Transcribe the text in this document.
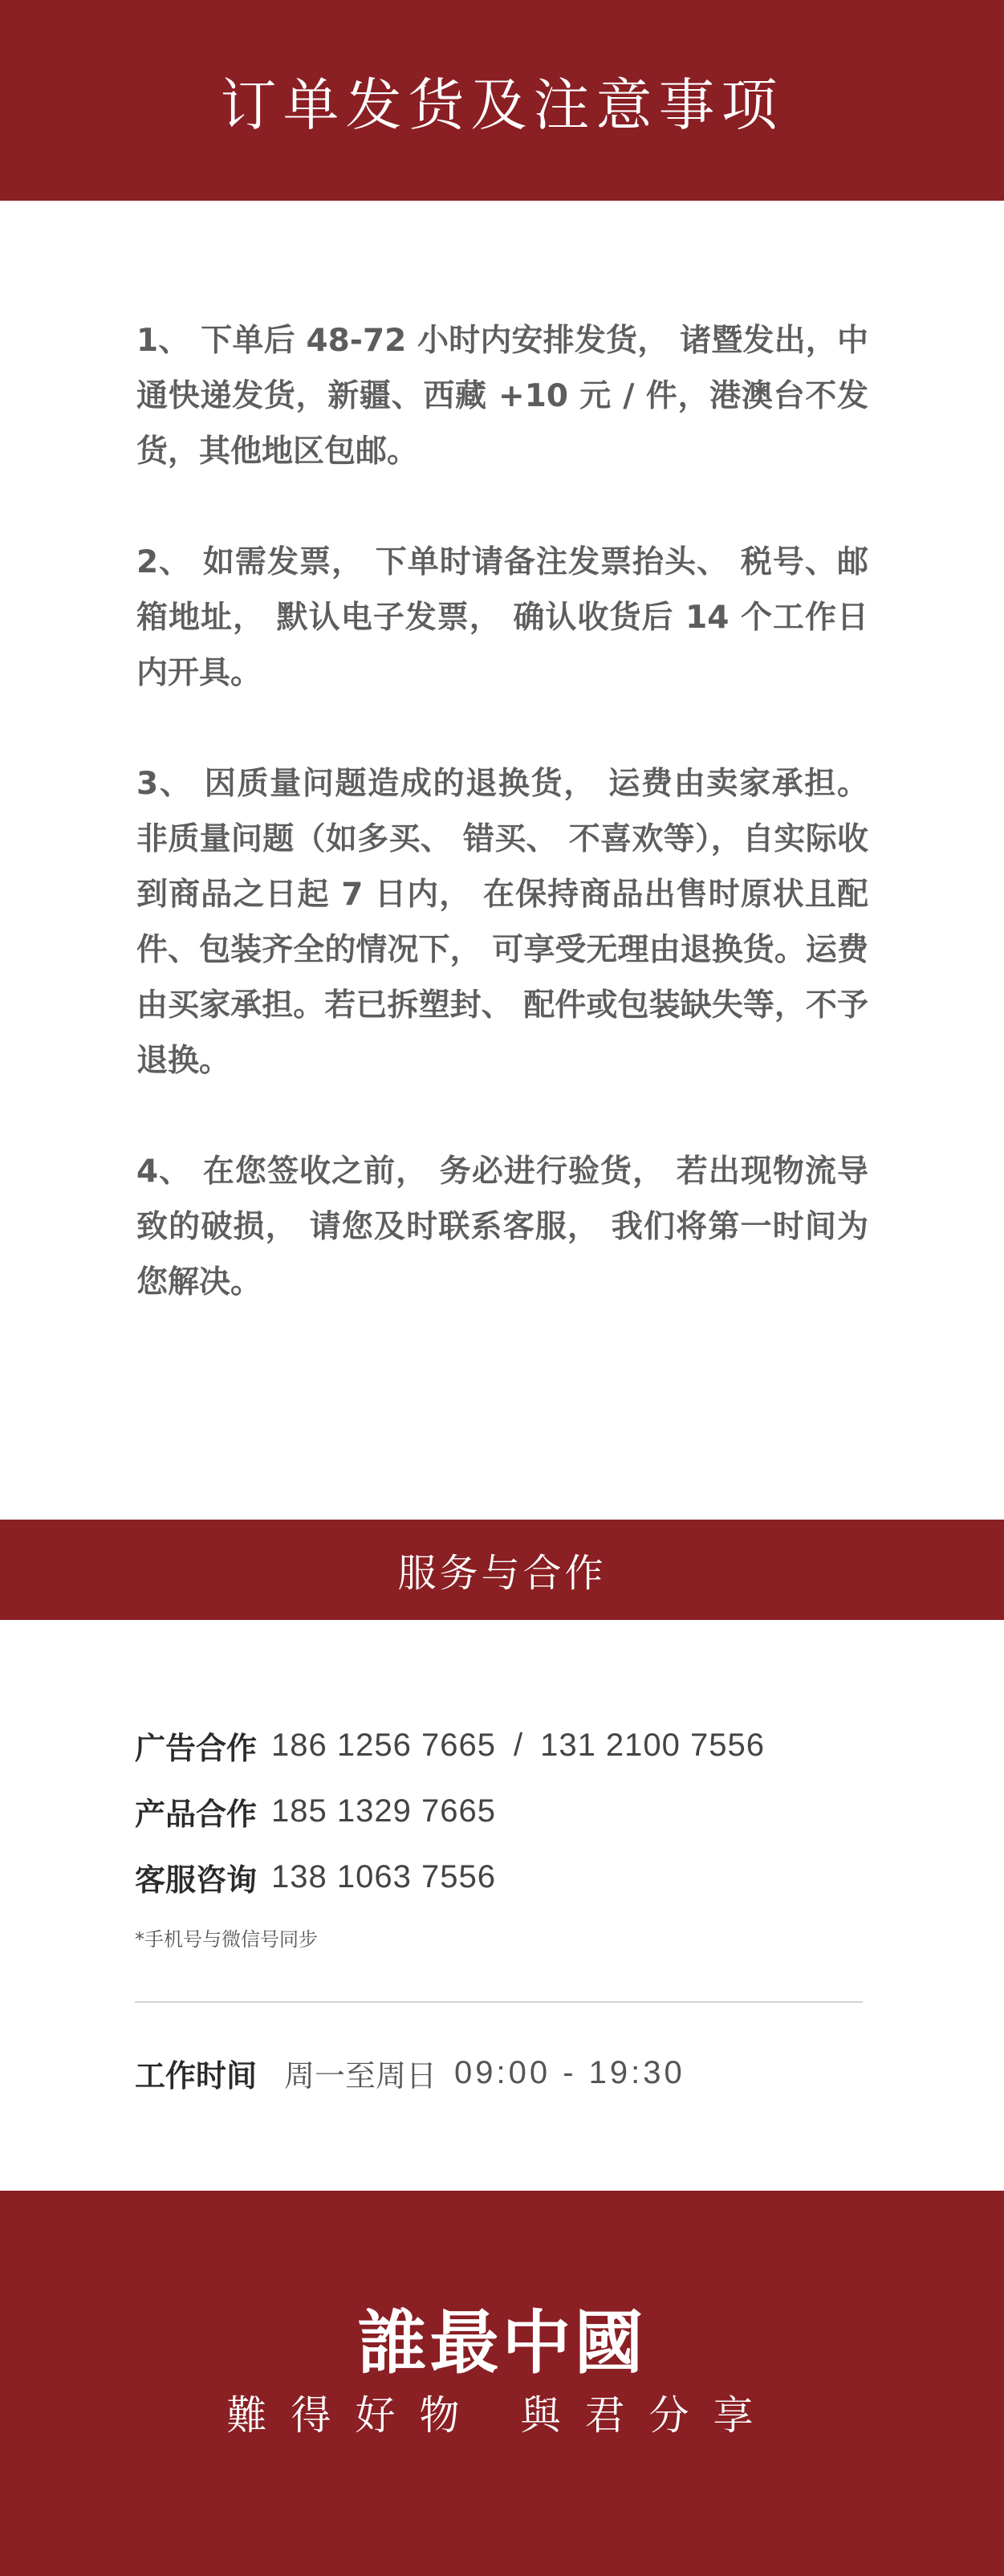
订单发货及注意事项

1、 下单后 48-72 小时内安排发货， 诸暨发出，中通快递发货，新疆、西藏 +10 元 / 件，港澳台不发货，其他地区包邮。

2、 如需发票， 下单时请备注发票抬头、 税号、邮箱地址， 默认电子发票， 确认收货后 14 个工作日内开具。

3、 因质量问题造成的退换货， 运费由卖家承担。非质量问题（如多买、 错买、 不喜欢等），自实际收到商品之日起 7 日内， 在保持商品出售时原状且配件、包装齐全的情况下， 可享受无理由退换货。运费由买家承担。若已拆塑封、 配件或包装缺失等，不予退换。

4、 在您签收之前， 务必进行验货， 若出现物流导致的破损， 请您及时联系客服， 我们将第一时间为您解决。

服务与合作
广告合作 186 1256 7665 / 131 2100 7556
产品合作 185 1329 7665
客服咨询 138 1063 7556
*手机号与微信号同步
工作时间 周一至周日 09:00 - 19:30
誰最中國
難得好物 與君分享
